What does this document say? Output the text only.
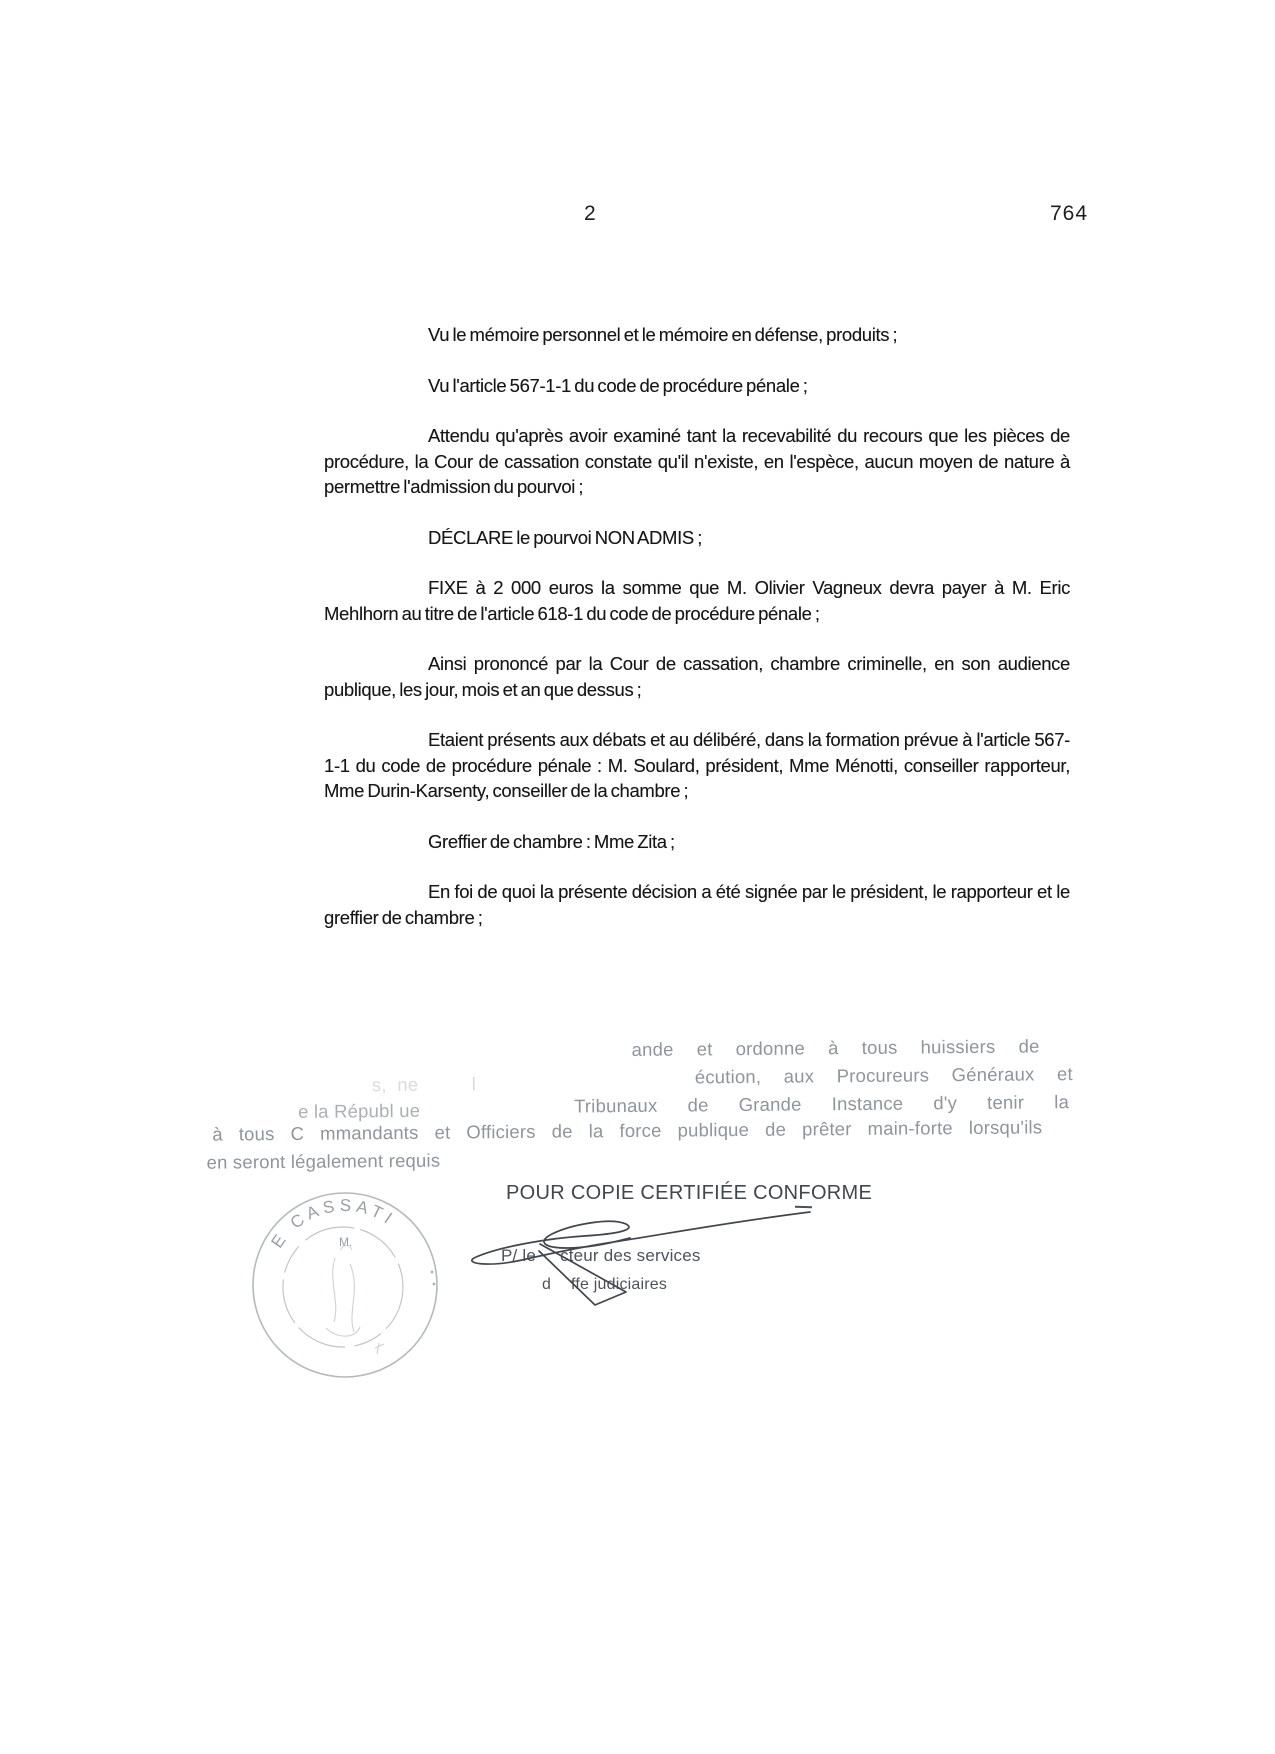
2	764

Vu le mémoire personnel et le mémoire en défense, produits ;

Vu l'article 567-1-1 du code de procédure pénale ;

Attendu qu'après avoir examiné tant la recevabilité du recours que les pièces de procédure, la Cour de cassation constate qu'il n'existe, en l'espèce, aucun moyen de nature à permettre l'admission du pourvoi ;

DÉCLARE le pourvoi NON ADMIS ;

FIXE à 2 000 euros la somme que M. Olivier Vagneux devra payer à M. Eric Mehlhorn au titre de l'article 618-1 du code de procédure pénale ;

Ainsi prononcé par la Cour de cassation, chambre criminelle, en son audience publique, les jour, mois et an que dessus ;

Etaient présents aux débats et au délibéré, dans la formation prévue à l'article 567-1-1 du code de procédure pénale : M. Soulard, président, Mme Ménotti, conseiller rapporteur, Mme Durin-Karsenty, conseiller de la chambre ;

Greffier de chambre : Mme Zita ;

En foi de quoi la présente décision a été signée par le président, le rapporteur et le greffier de chambre ;

ande et ordonne à tous huissiers de
s,  ne          l	écution, aux Procureurs Généraux et
e la Républ ue	Tribunaux de Grande Instance d'y tenir la
à tous C mmandants et Officiers de la force publique de prêter main-forte lorsqu'ils
en seront légalement requis
POUR COPIE CERTIFIÉE CONFORME
P/ le cteur des services
d ffe judiciaires
E CASSATI
M.
